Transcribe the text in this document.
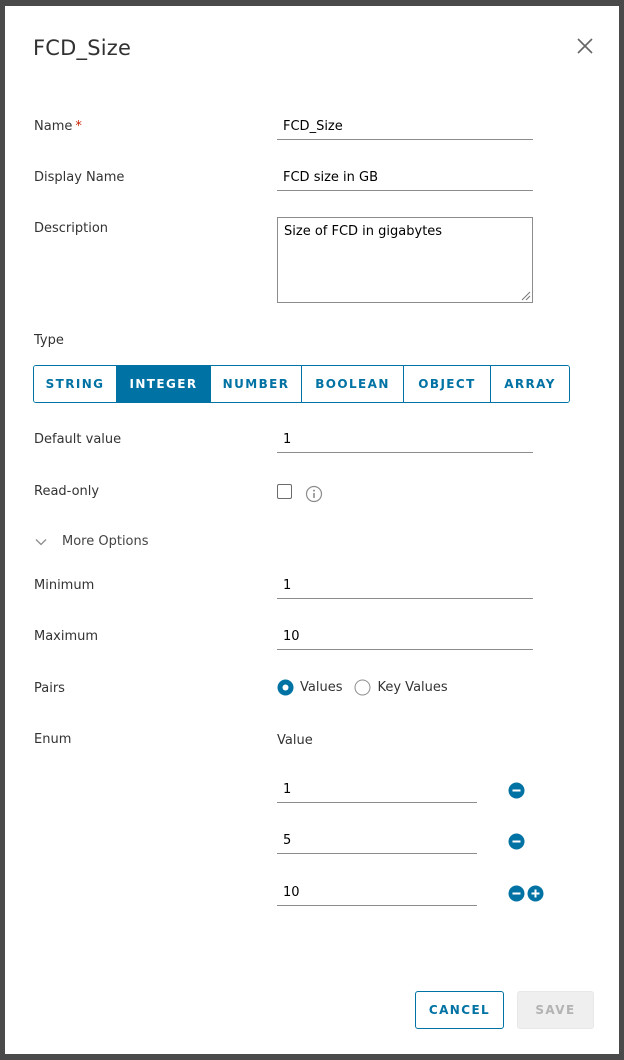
FCD_Size
Name *
FCD_Size
Display Name
FCD size in GB
Description
Size of FCD in gigabytes
Type
STRING	INTEGER	NUMBER	BOOLEAN	OBJECT	ARRAY
Default value
1
Read-only
More Options
Minimum
1
Maximum
10
Pairs	Values	Key Values
Enum	Value
1
5
10
CANCEL	SAVE
